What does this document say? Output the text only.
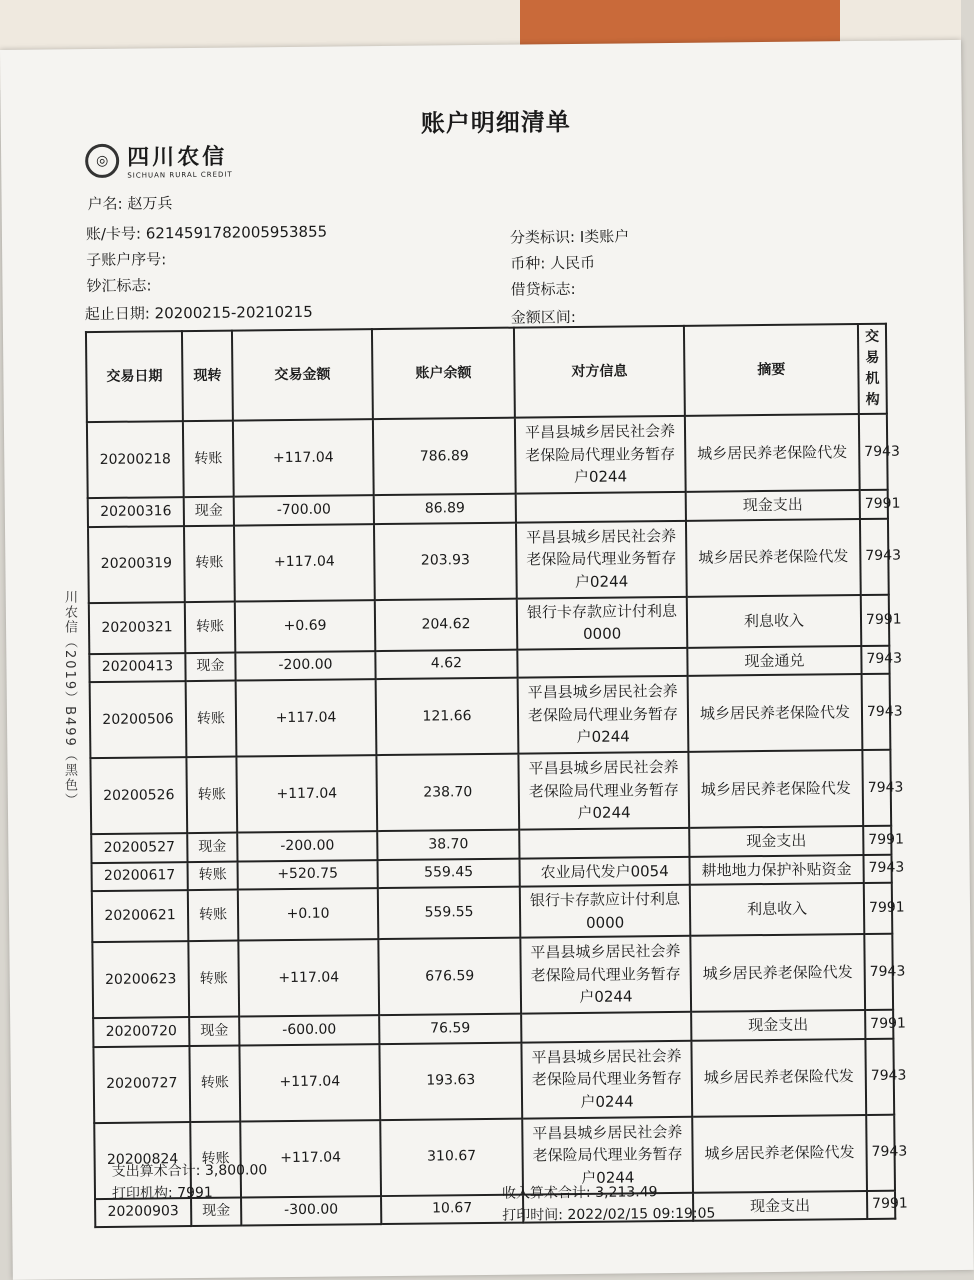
账户明细清单
◎ 四川农信
SICHUAN RURAL CREDIT
户名: 赵万兵
账/卡号: 6214591782005953855
子账户序号:
钞汇标志:
起止日期: 20200215-20210215
分类标识: I类账户
币种: 人民币
借贷标志:
金额区间:
交易日期	现转	交易金额	账户余额	对方信息	摘要	交易机构
20200218	转账	+117.04	786.89	平昌县城乡居民社会养老保险局代理业务暂存户0244	城乡居民养老保险代发	7943
20200316	现金	-700.00	86.89		现金支出	7991
20200319	转账	+117.04	203.93	平昌县城乡居民社会养老保险局代理业务暂存户0244	城乡居民养老保险代发	7943
20200321	转账	+0.69	204.62	银行卡存款应计付利息0000	利息收入	7991
20200413	现金	-200.00	4.62		现金通兑	7943
20200506	转账	+117.04	121.66	平昌县城乡居民社会养老保险局代理业务暂存户0244	城乡居民养老保险代发	7943
20200526	转账	+117.04	238.70	平昌县城乡居民社会养老保险局代理业务暂存户0244	城乡居民养老保险代发	7943
20200527	现金	-200.00	38.70		现金支出	7991
20200617	转账	+520.75	559.45	农业局代发户0054	耕地地力保护补贴资金	7943
20200621	转账	+0.10	559.55	银行卡存款应计付利息0000	利息收入	7991
20200623	转账	+117.04	676.59	平昌县城乡居民社会养老保险局代理业务暂存户0244	城乡居民养老保险代发	7943
20200720	现金	-600.00	76.59		现金支出	7991
20200727	转账	+117.04	193.63	平昌县城乡居民社会养老保险局代理业务暂存户0244	城乡居民养老保险代发	7943
20200824	转账	+117.04	310.67	平昌县城乡居民社会养老保险局代理业务暂存户0244	城乡居民养老保险代发	7943
20200903	现金	-300.00	10.67		现金支出	7991
支出算术合计: 3,800.00
打印机构: 7991	收入算术合计: 3,213.49
打印时间: 2022/02/15 09:19:05
川农信（2019）B499（黑色）
